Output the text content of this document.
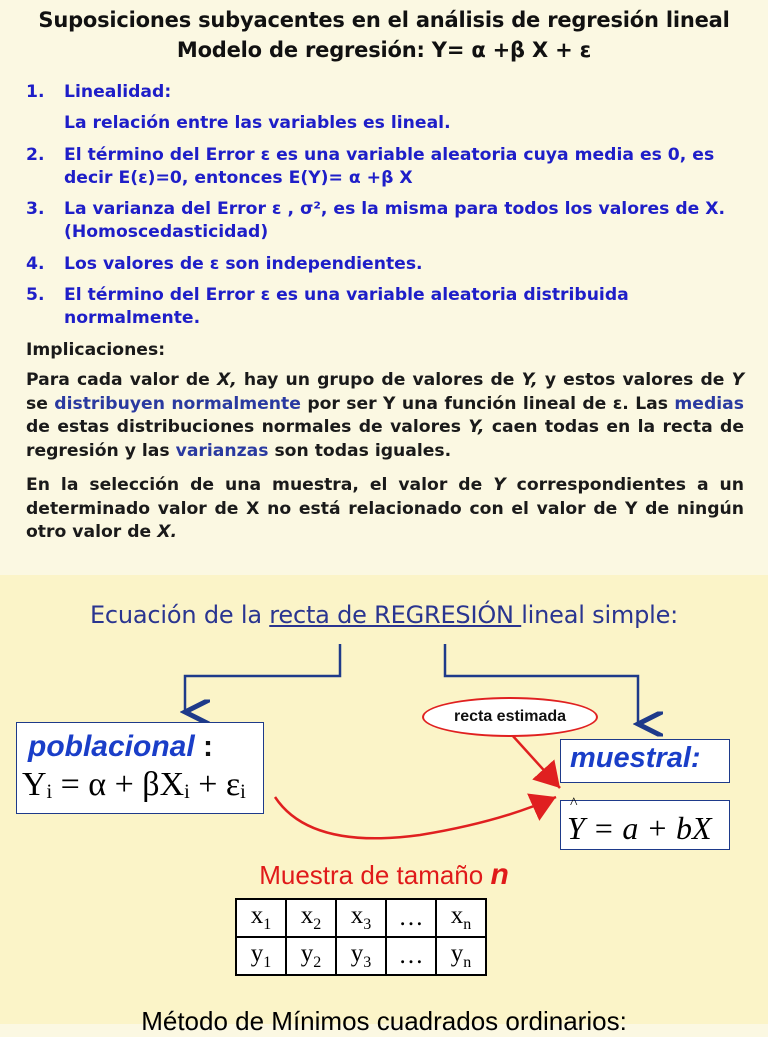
Suposiciones subyacentes en el análisis de regresión lineal
Modelo de regresión: Y= α +β X + ε
1. Linealidad:
La relación entre las variables es lineal.
2. El término del Error ε es una variable aleatoria cuya media es 0, es decir E(ε)=0, entonces E(Y)= α +β X
3. La varianza del Error ε , σ², es la misma para todos los valores de X. (Homoscedasticidad)
4. Los valores de ε son independientes.
5. El término del Error ε es una variable aleatoria distribuida normalmente.
Implicaciones:
Para cada valor de X, hay un grupo de valores de Y, y estos valores de Y se distribuyen normalmente por ser Y una función lineal de ε. Las medias de estas distribuciones normales de valores Y, caen todas en la recta de regresión y las varianzas son todas iguales.
En la selección de una muestra, el valor de Y correspondientes a un determinado valor de X no está relacionado con el valor de Y de ningún otro valor de X.
Ecuación de la recta de REGRESIÓN lineal simple:
poblacional :
Yᵢ = α + βXᵢ + εᵢ
recta estimada
muestral:
^
Y = a + bX
Muestra de tamaño n
$x_1$	$x_2$	$x_3$	…	$x_n$
$y_1$	$y_2$	$y_3$	…	$y_n$
Método de Mínimos cuadrados ordinarios:
